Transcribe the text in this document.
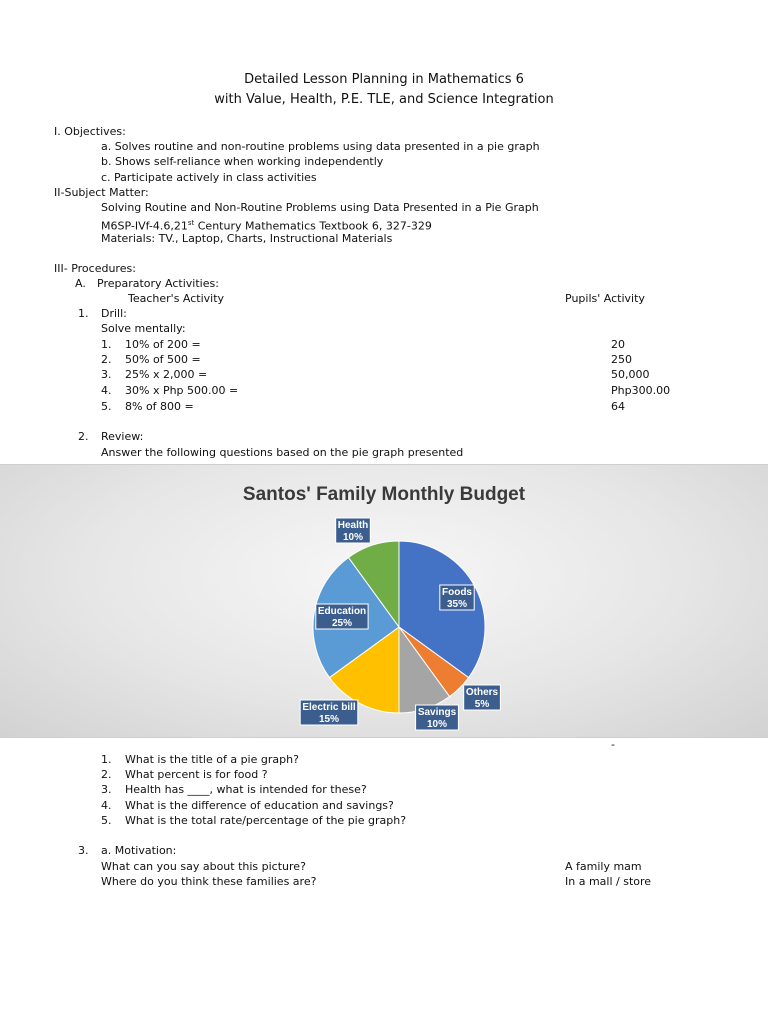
Detailed Lesson Planning in Mathematics 6
with Value, Health, P.E. TLE, and Science Integration
I. Objectives:
a. Solves routine and non-routine problems using data presented in a pie graph
b. Shows self-reliance when working independently
c. Participate actively in class activities
II-Subject Matter:
Solving Routine and Non-Routine Problems using Data Presented in a Pie Graph
M6SP-IVf-4.6,21st Century Mathematics Textbook 6, 327-329
Materials: TV., Laptop, Charts, Instructional Materials
III- Procedures:
A. Preparatory Activities:
Teacher's Activity	Pupils' Activity
1. Drill:
Solve mentally:
1. 10% of 200 =	20
2. 50% of 500 =	250
3. 25% x 2,000 =	50,000
4. 30% x Php 500.00 =	Php300.00
5. 8% of 800 =	64
2. Review:
Answer the following questions based on the pie graph presented
Santos' Family Monthly Budget
Foods
35%
Others
5%
Savings
10%
Electric bill
15%
Education
25%
Health
10%
-
1. What is the title of a pie graph?
2. What percent is for food ?
3. Health has ____, what is intended for these?
4. What is the difference of education and savings?
5. What is the total rate/percentage of the pie graph?
3. a. Motivation:
What can you say about this picture?	A family mam
Where do you think these families are?	In a mall / store
